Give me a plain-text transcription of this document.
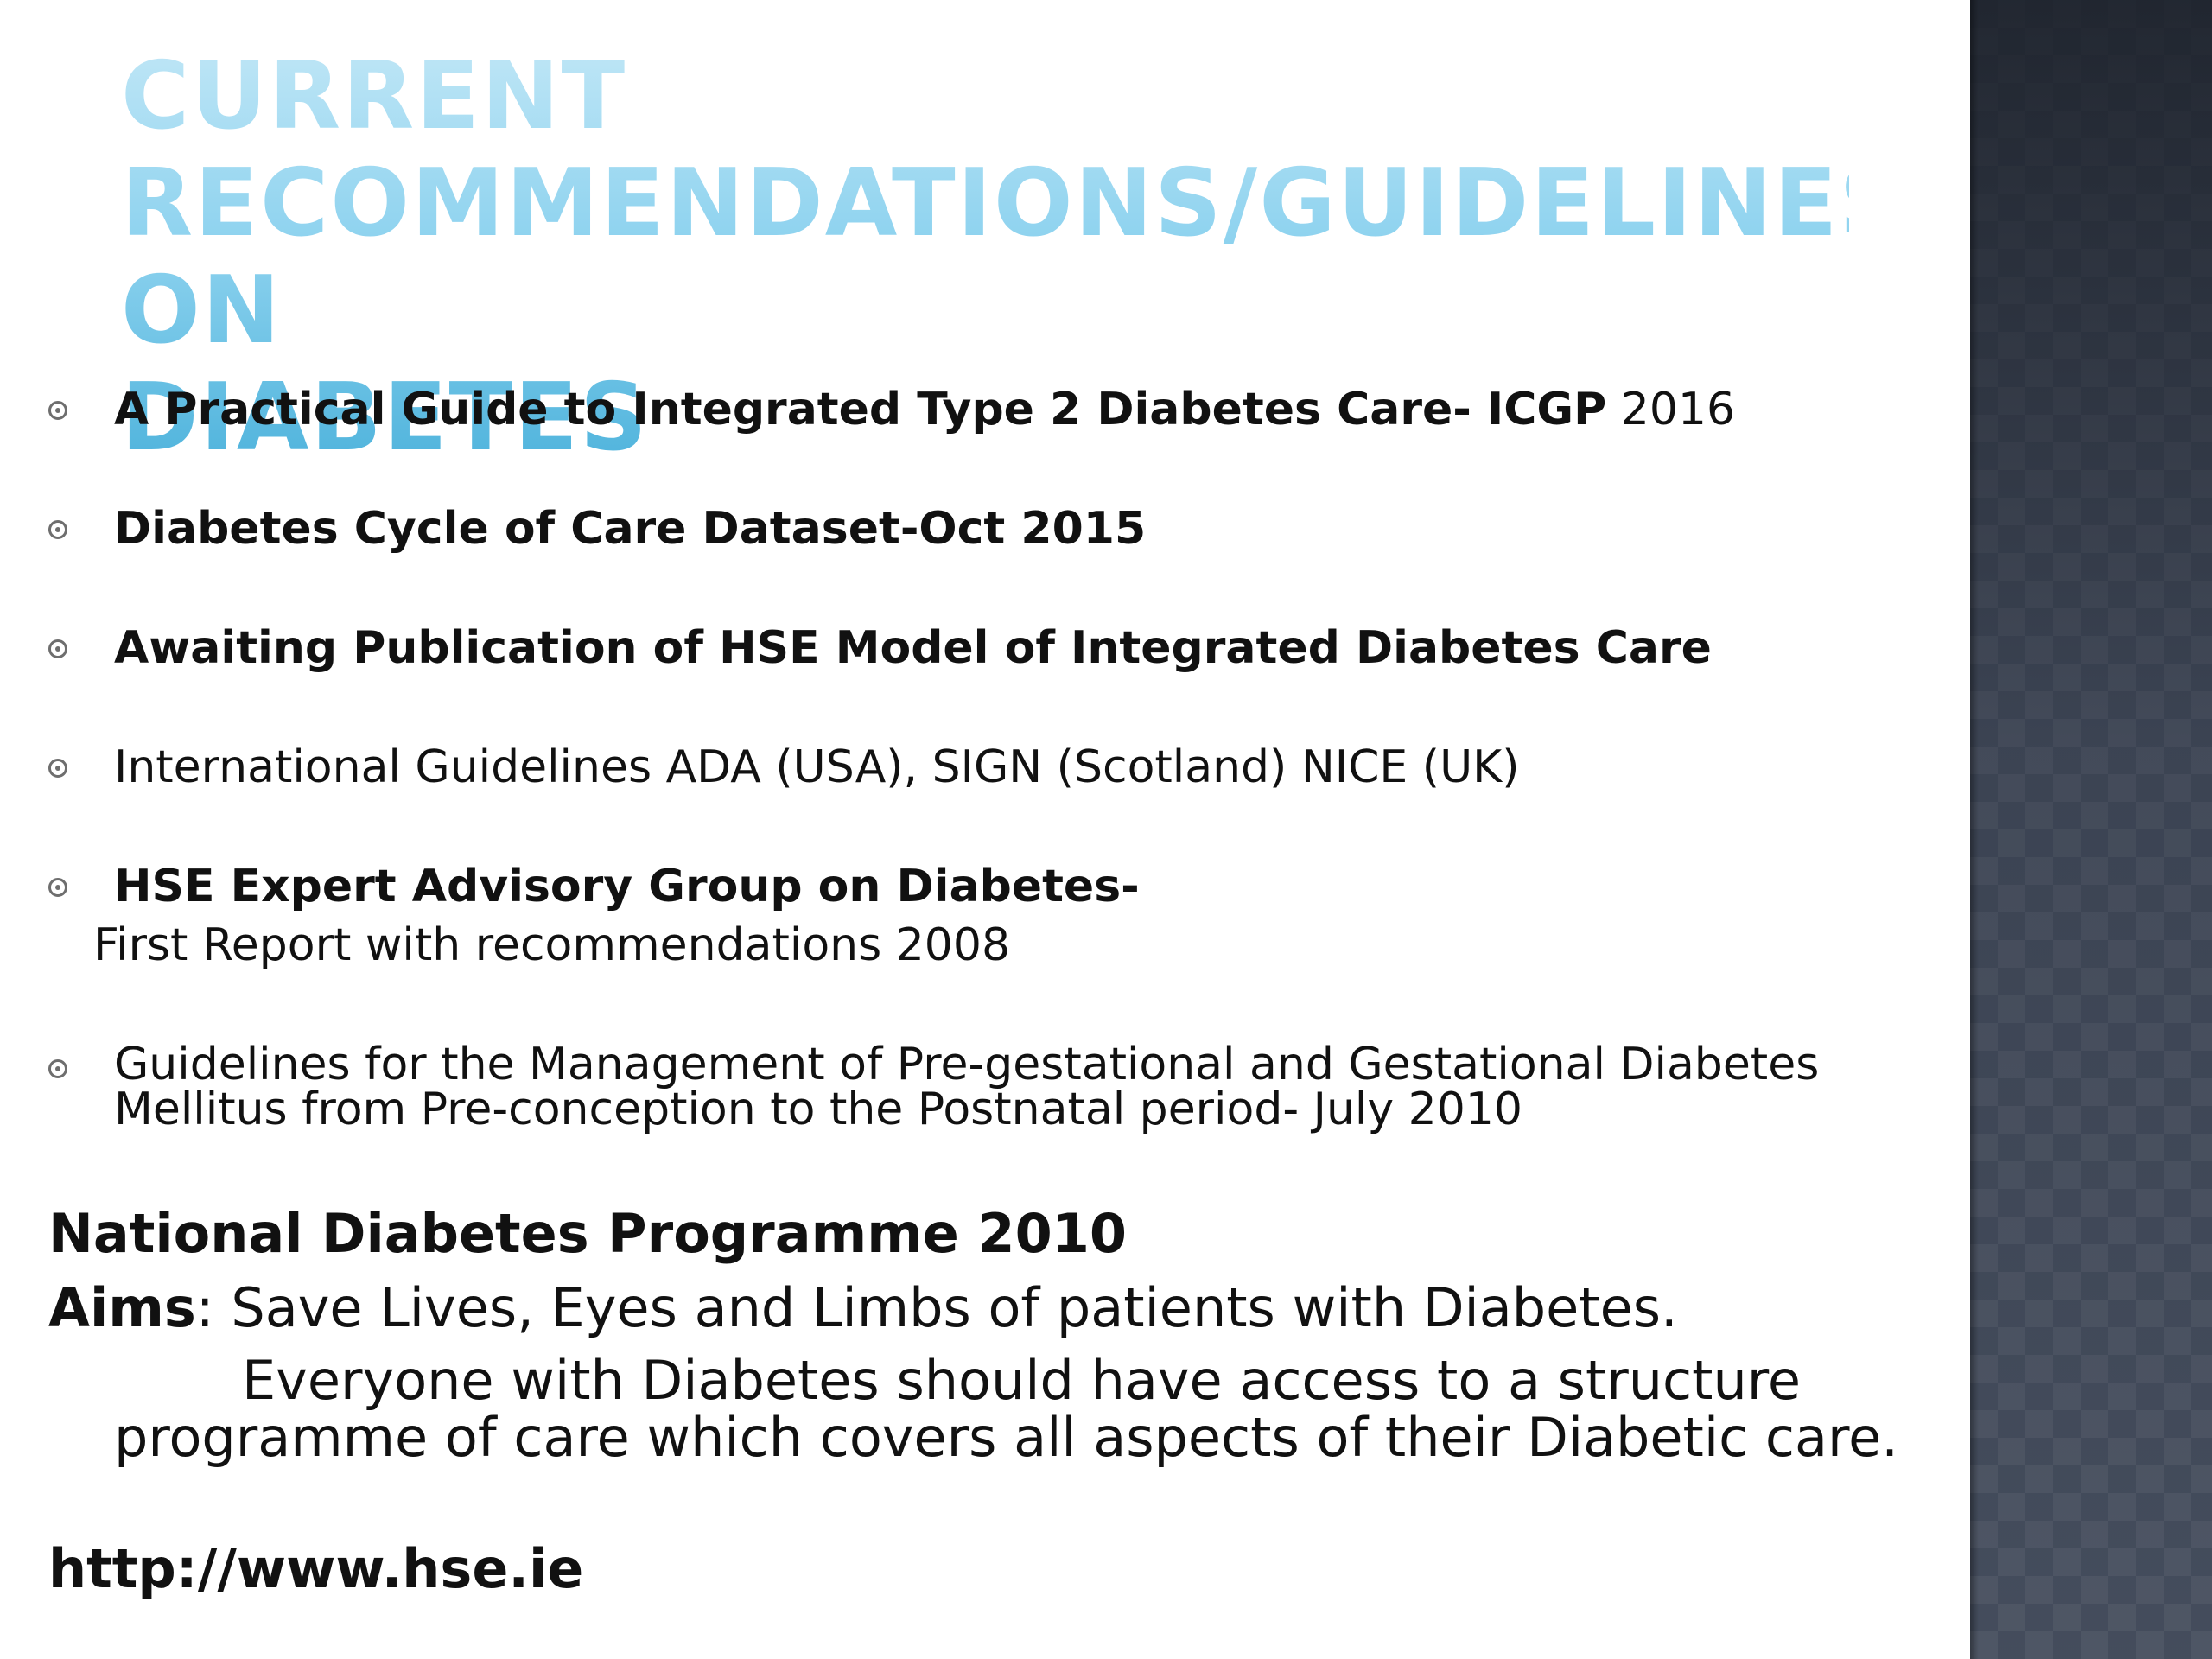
CURRENT
RECOMMENDATIONS/GUIDELINES ON
DIABETES
A Practical Guide to Integrated Type 2 Diabetes Care- ICGP 2016
Diabetes Cycle of Care Dataset-Oct 2015
Awaiting Publication of HSE Model of Integrated Diabetes Care
International Guidelines ADA (USA), SIGN (Scotland) NICE (UK)
HSE Expert Advisory Group on Diabetes-
First Report with recommendations 2008
Guidelines for the Management of Pre-gestational and Gestational Diabetes
Mellitus from Pre-conception to the Postnatal period- July 2010
National Diabetes Programme 2010
Aims: Save Lives, Eyes and Limbs of patients with Diabetes.
Everyone with Diabetes should have access to a structure
programme of care which covers all aspects of their Diabetic care.
http://www.hse.ie
